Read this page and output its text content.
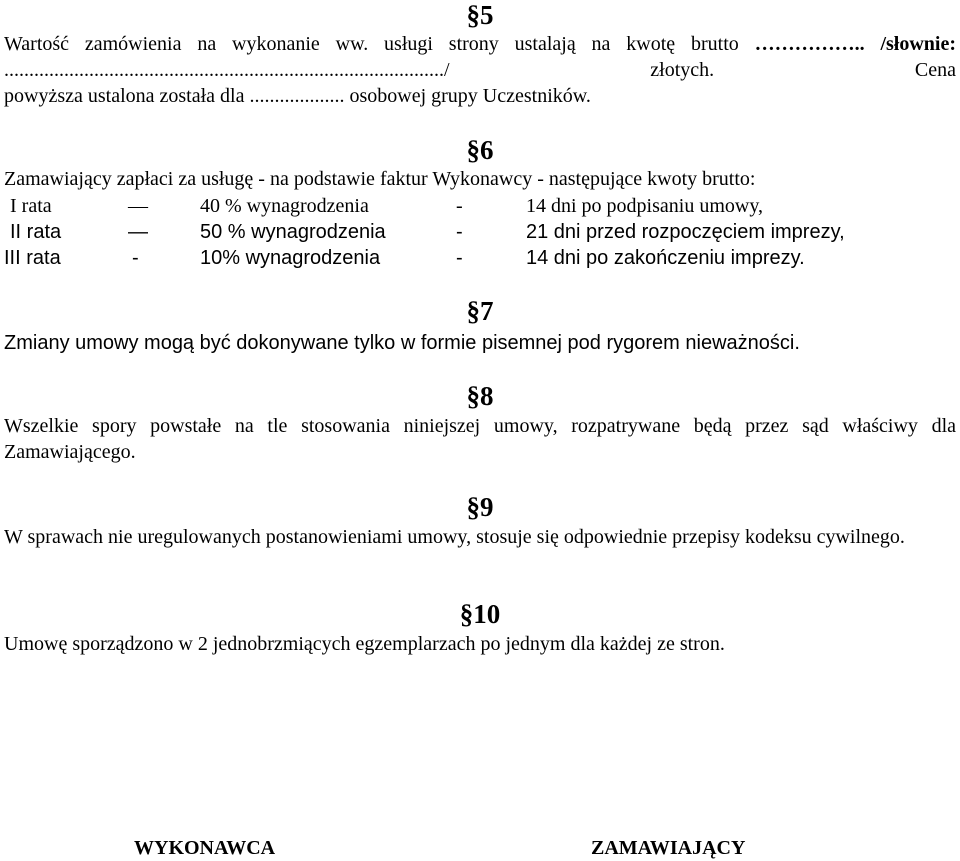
§5
Wartość zamówienia na wykonanie ww. usługi strony ustalają na kwotę brutto …………….. /słownie:
......................................................................................../	złotych.	Cena
powyższa ustalona została dla ................... osobowej grupy Uczestników.
§6
Zamawiający zapłaci za usługę - na podstawie faktur Wykonawcy - następujące kwoty brutto:
I rata	—	40 % wynagrodzenia	-	14 dni po podpisaniu umowy,
II rata	—	50 % wynagrodzenia	-	21 dni przed rozpoczęciem imprezy,
III rata	-	10% wynagrodzenia	-	14 dni po zakończeniu imprezy.
§7
Zmiany umowy mogą być dokonywane tylko w formie pisemnej pod rygorem nieważności.
§8
Wszelkie spory powstałe na tle stosowania niniejszej umowy, rozpatrywane będą przez sąd właściwy dla Zamawiającego.
§9
W sprawach nie uregulowanych postanowieniami umowy, stosuje się odpowiednie przepisy kodeksu cywilnego.
§10
Umowę sporządzono w 2 jednobrzmiących egzemplarzach po jednym dla każdej ze stron.
WYKONAWCA	ZAMAWIAJĄCY
